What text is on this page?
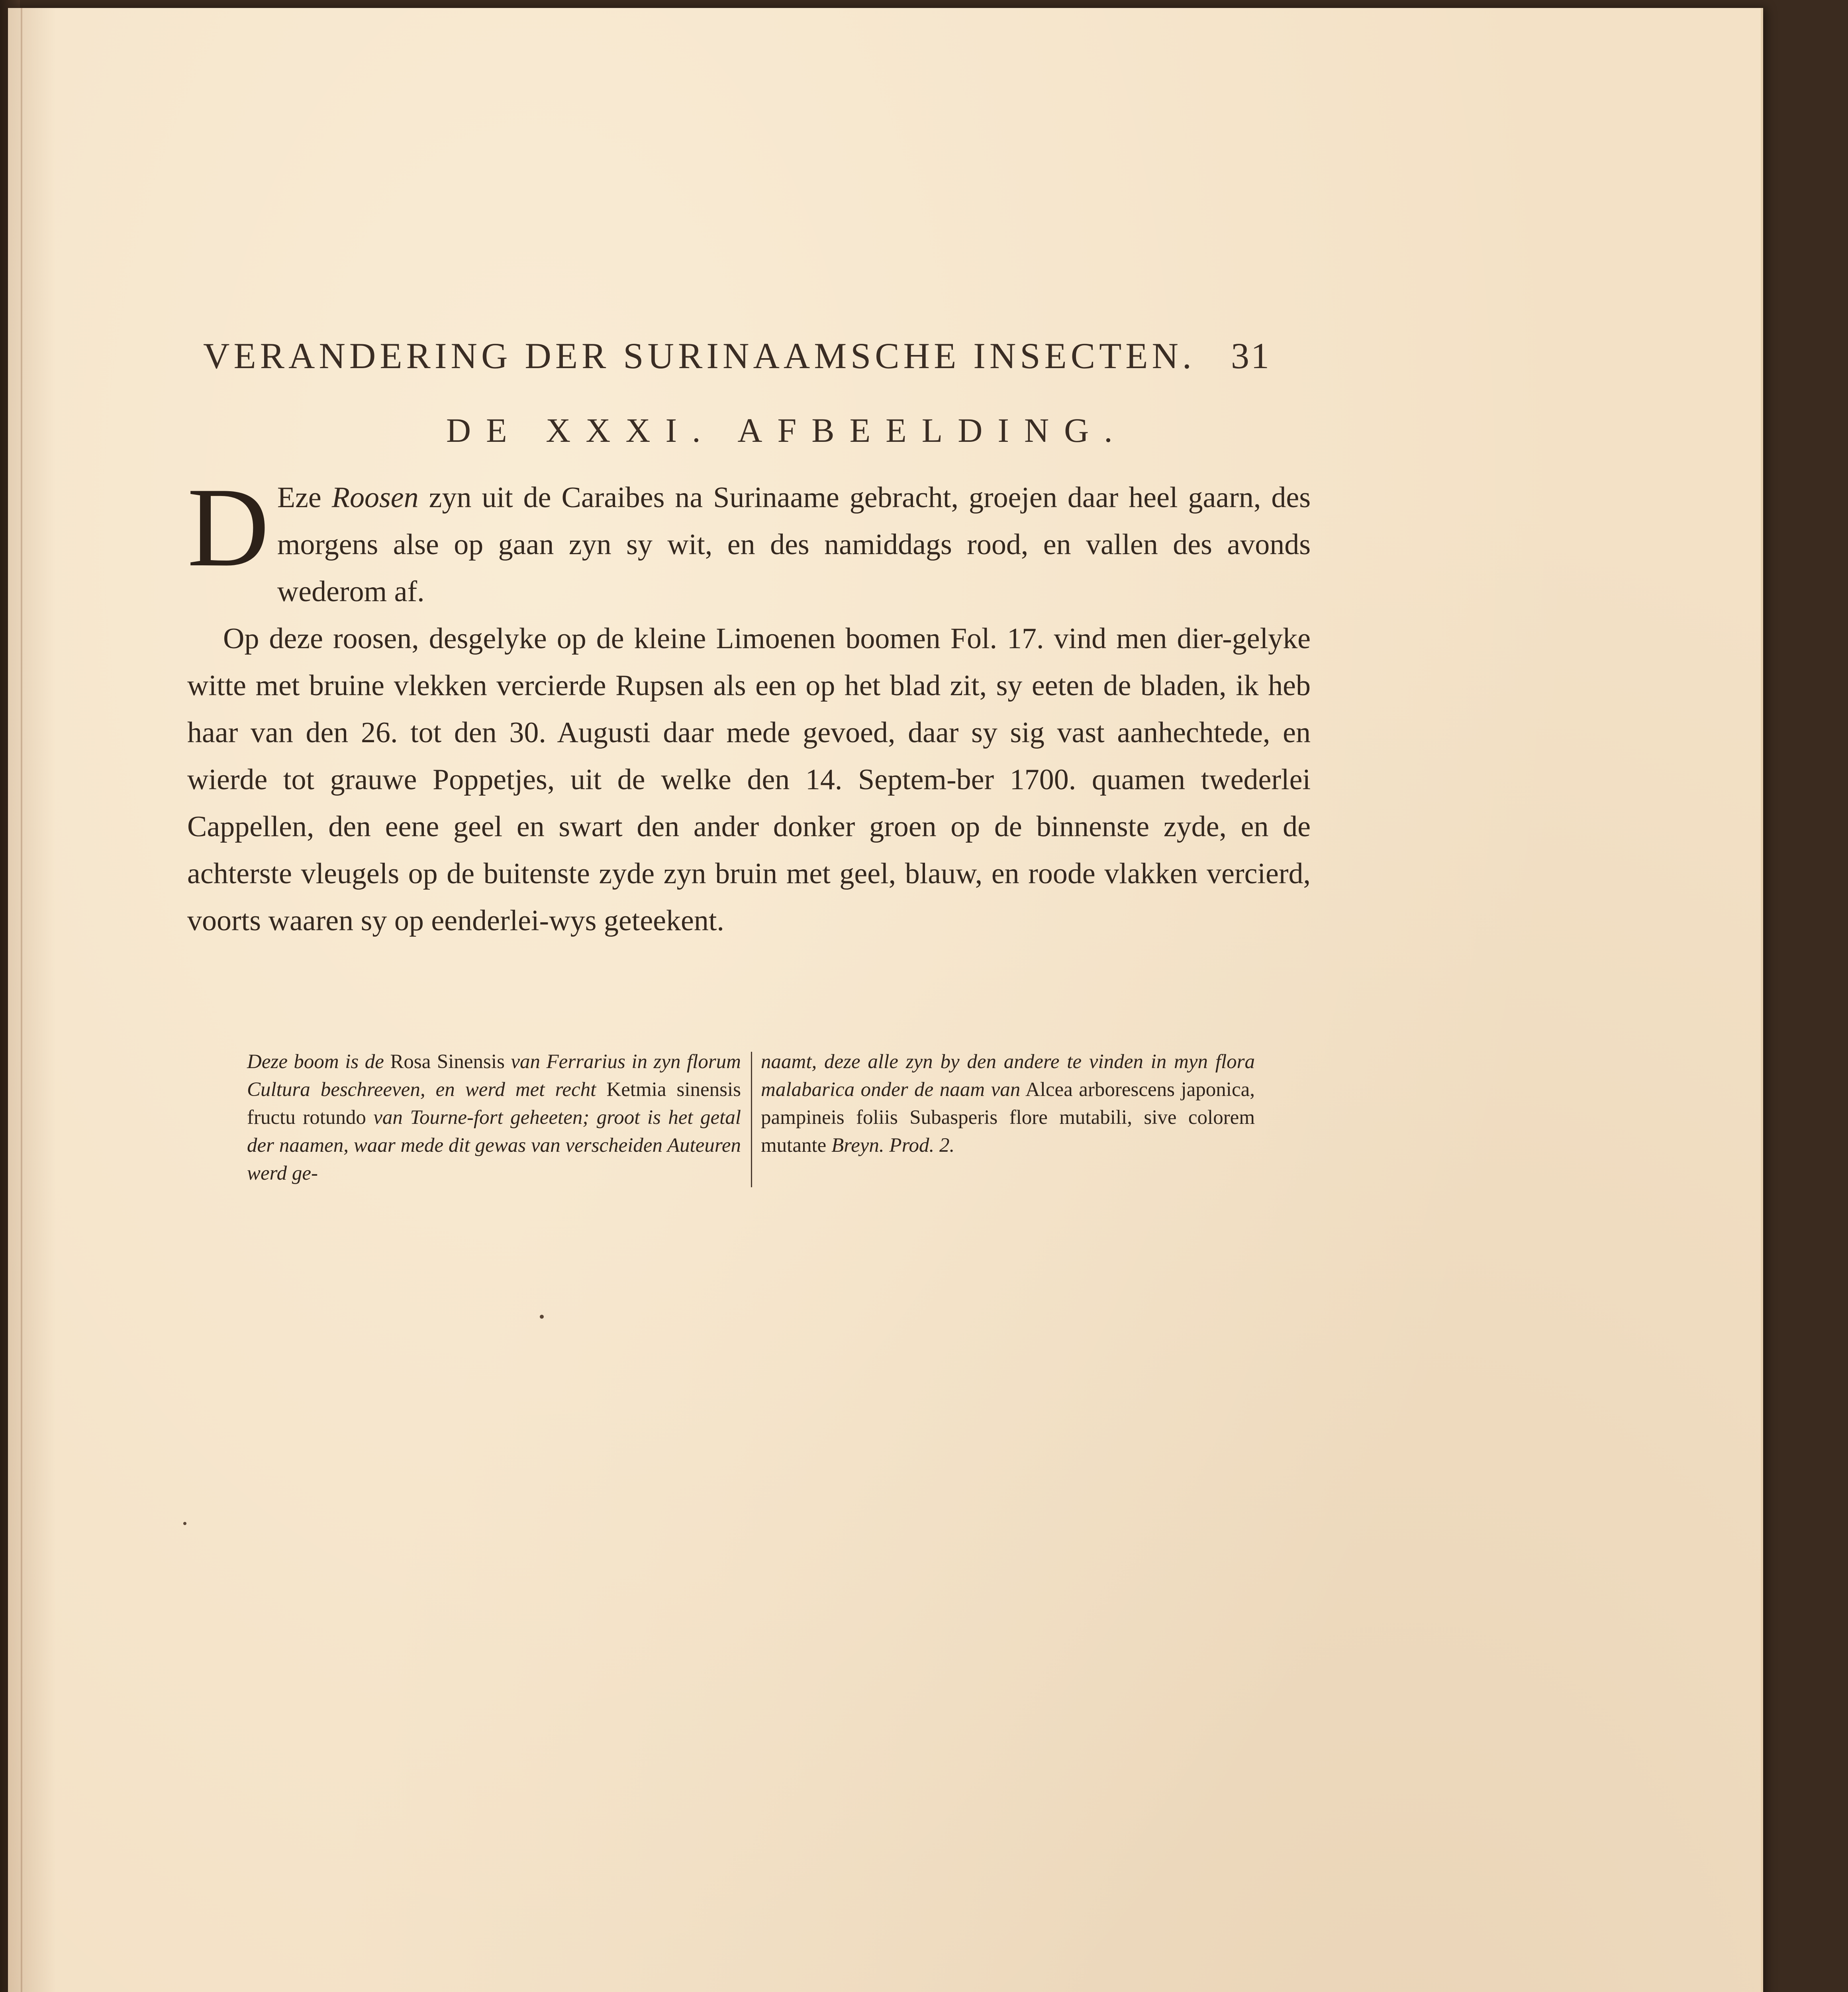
VERANDERING DER SURINAAMSCHE INSECTEN. 31
DE XXXI. AFBEELDING.

D Eze Roosen zyn uit de Caraibes na Surinaame gebracht, groejen daar heel gaarn, des morgens alse op gaan zyn sy wit, en des namiddags rood, en vallen des avonds wederom af.

Op deze roosen, desgelyke op de kleine Limoenen boomen Fol. 17. vind men dier-gelyke witte met bruine vlekken vercierde Rupsen als een op het blad zit, sy eeten de bladen, ik heb haar van den 26. tot den 30. Augusti daar mede gevoed, daar sy sig vast aanhechtede, en wierde tot grauwe Poppetjes, uit de welke den 14. Septem-ber 1700. quamen twederlei Cappellen, den eene geel en swart den ander donker groen op de binnenste zyde, en de achterste vleugels op de buitenste zyde zyn bruin met geel, blauw, en roode vlakken vercierd, voorts waaren sy op eenderlei-wys geteekent.

Deze boom is de Rosa Sinensis van Ferrarius in zyn florum Cultura beschreeven, en werd met recht Ketmia sinensis fructu rotundo van Tourne-fort geheeten; groot is het getal der naamen, waar mede dit gewas van verscheiden Auteuren werd ge-
naamt, deze alle zyn by den andere te vinden in myn flora malabarica onder de naam van Alcea arborescens japonica, pampineis foliis Subasperis flore mutabili, sive colorem mutante Breyn. Prod. 2.
